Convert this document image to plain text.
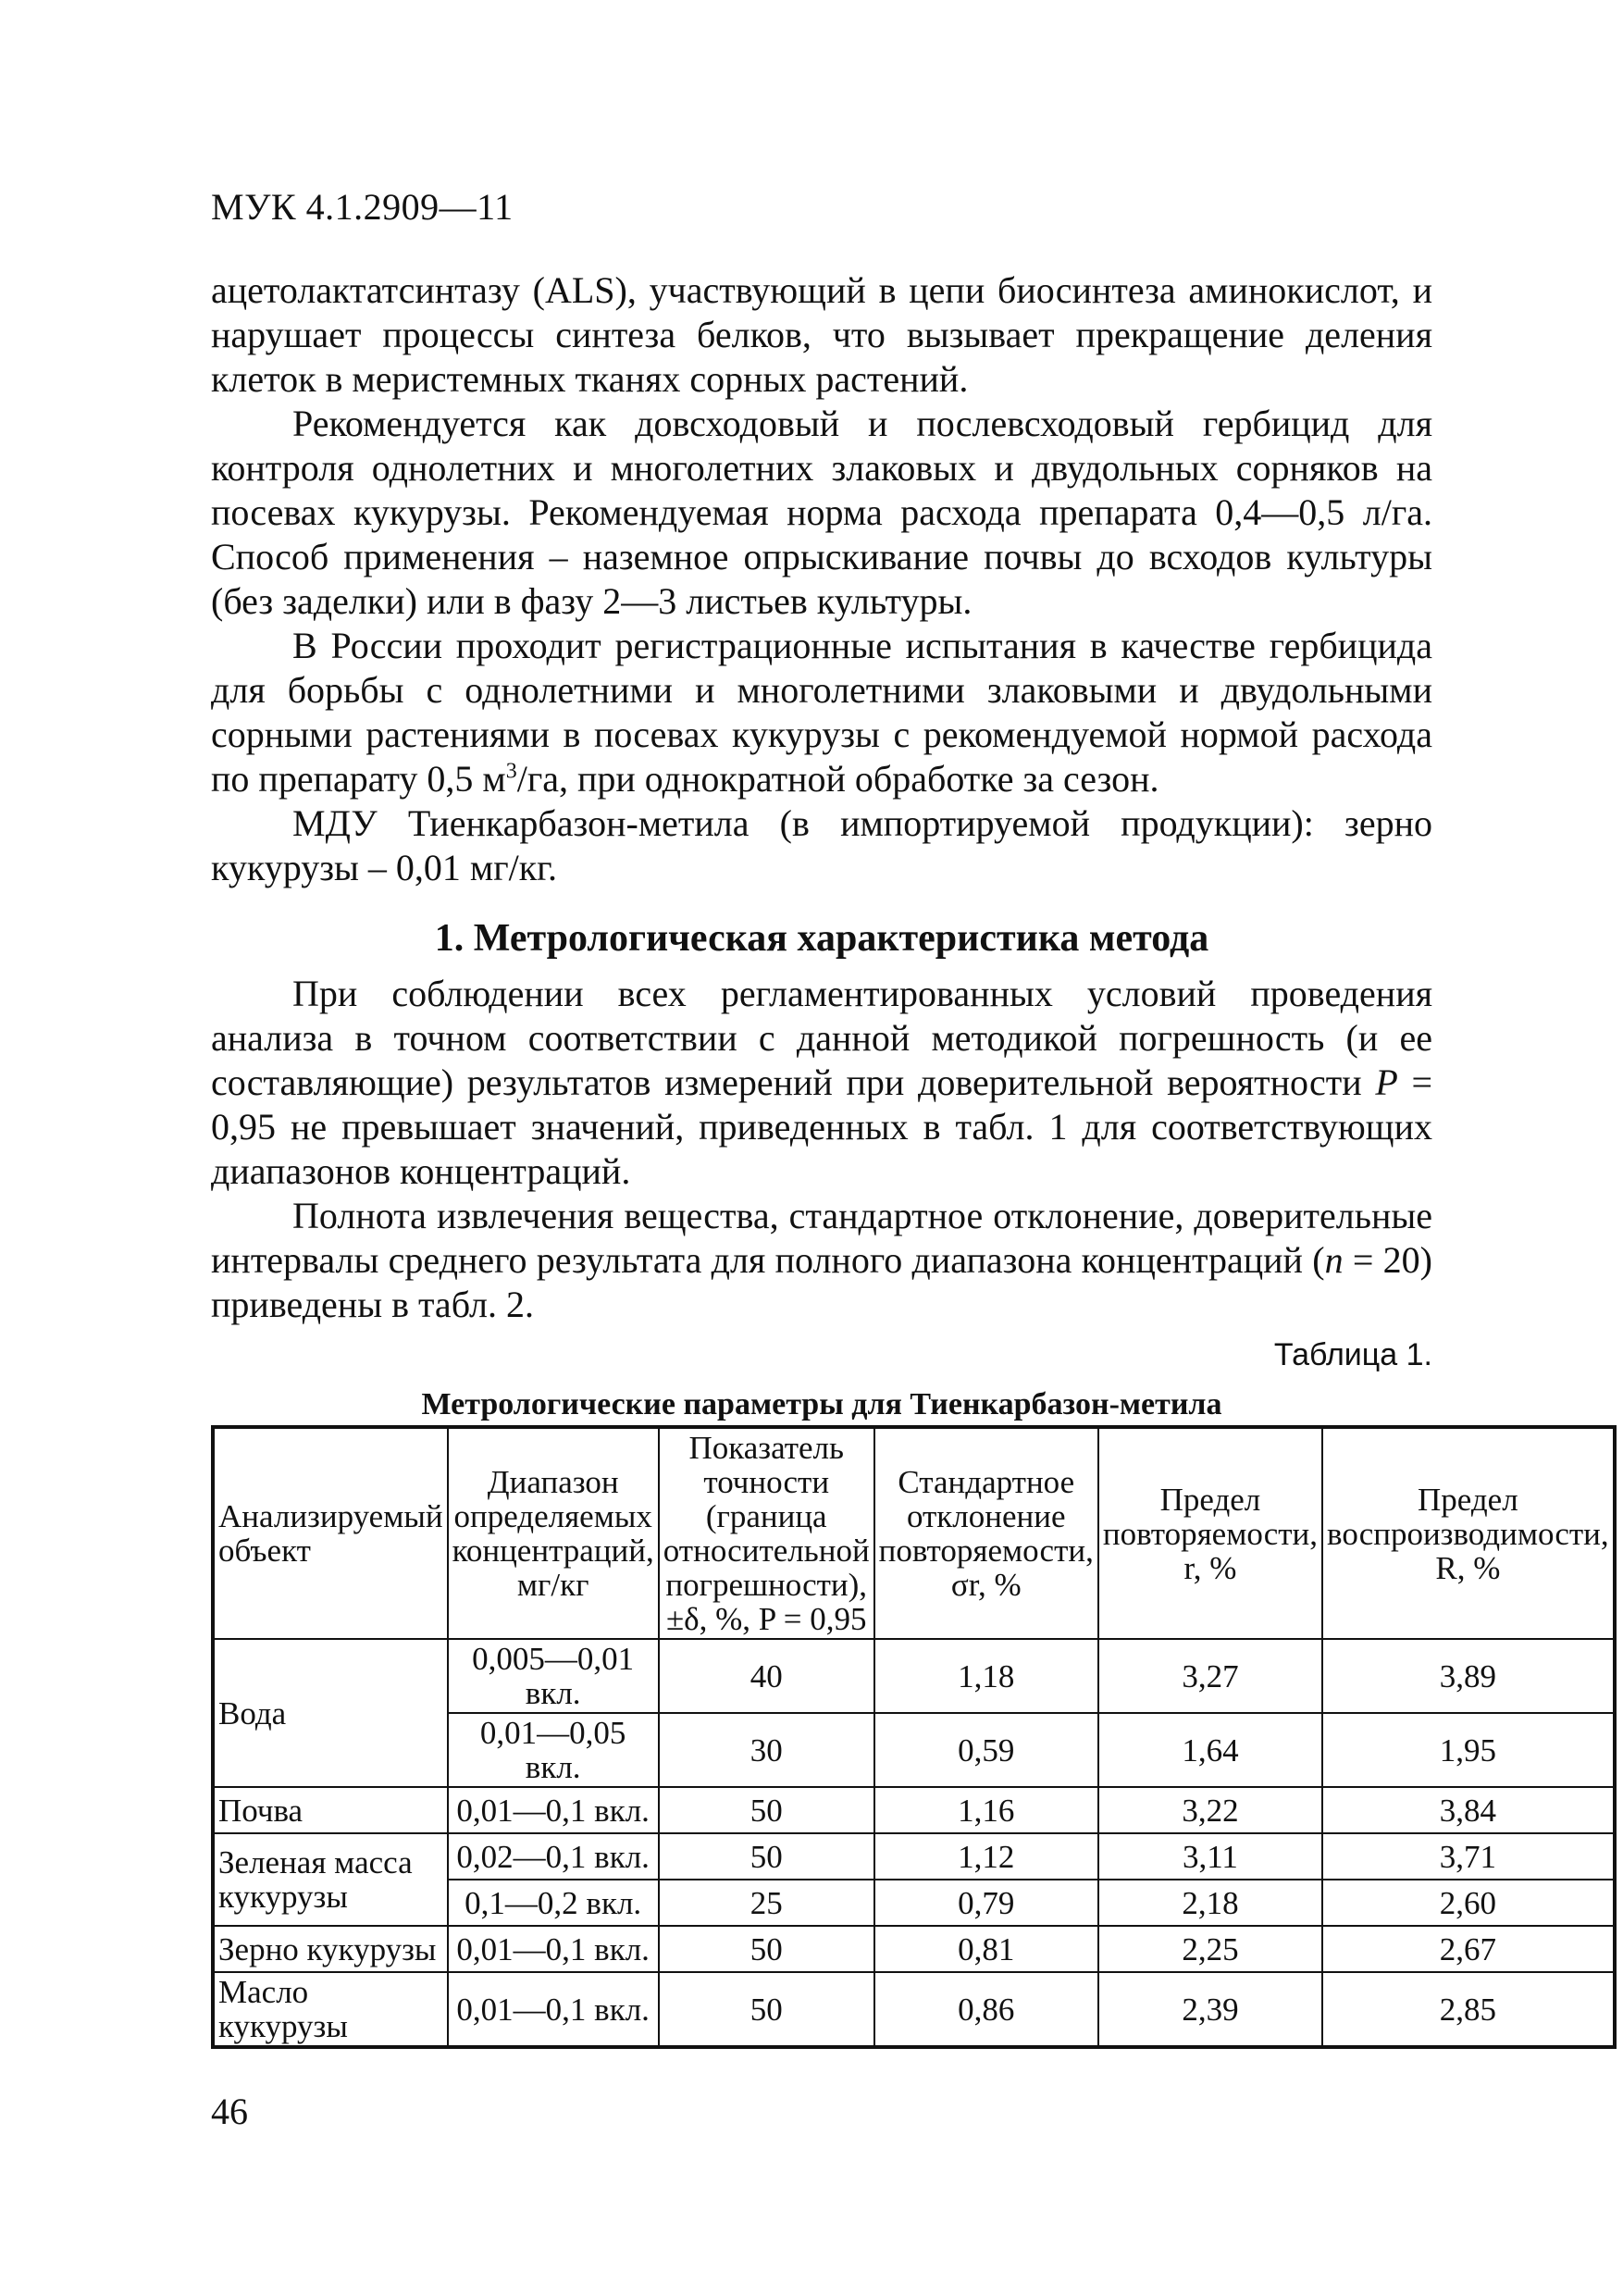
МУК 4.1.2909—11

ацетолактатсинтазу (ALS), участвующий в цепи биосинтеза аминокислот, и нарушает процессы синтеза белков, что вызывает прекращение деления клеток в меристемных тканях сорных растений.

Рекомендуется как довсходовый и послевсходовый гербицид для контроля однолетних и многолетних злаковых и двудольных сорняков на посевах кукурузы. Рекомендуемая норма расхода препарата 0,4—0,5 л/га. Способ применения – наземное опрыскивание почвы до всходов культуры (без заделки) или в фазу 2—3 листьев культуры.

В России проходит регистрационные испытания в качестве гербицида для борьбы с однолетними и многолетними злаковыми и двудольными сорными растениями в посевах кукурузы с рекомендуемой нормой расхода по препарату 0,5 $м^3/га$, при однократной обработке за сезон.

МДУ Тиенкарбазон-метила (в импортируемой продукции): зерно кукурузы – 0,01 мг/кг.

1. Метрологическая характеристика метода

При соблюдении всех регламентированных условий проведения анализа в точном соответствии с данной методикой погрешность (и ее составляющие) результатов измерений при доверительной вероятности P = 0,95 не превышает значений, приведенных в табл. 1 для соответствующих диапазонов концентраций.

Полнота извлечения вещества, стандартное отклонение, доверительные интервалы среднего результата для полного диапазона концентраций (n = 20) приведены в табл. 2.

Таблица 1.
Метрологические параметры для Тиенкарбазон-метила
Анализируемый объект	Диапазон определяемых концентраций, мг/кг	Показатель точности (граница относительной погрешности), ±δ, %, P = 0,95	Стандартное отклонение повторяемости, σr, %	Предел повторяемости, r, %	Предел воспроизводимости, R, %
Вода	0,005—0,01 вкл.	40	1,18	3,27	3,89
	0,01—0,05 вкл.	30	0,59	1,64	1,95
Почва	0,01—0,1 вкл.	50	1,16	3,22	3,84
Зеленая масса кукурузы	0,02—0,1 вкл.	50	1,12	3,11	3,71
	0,1—0,2 вкл.	25	0,79	2,18	2,60
Зерно кукурузы	0,01—0,1 вкл.	50	0,81	2,25	2,67
Масло кукурузы	0,01—0,1 вкл.	50	0,86	2,39	2,85
46
